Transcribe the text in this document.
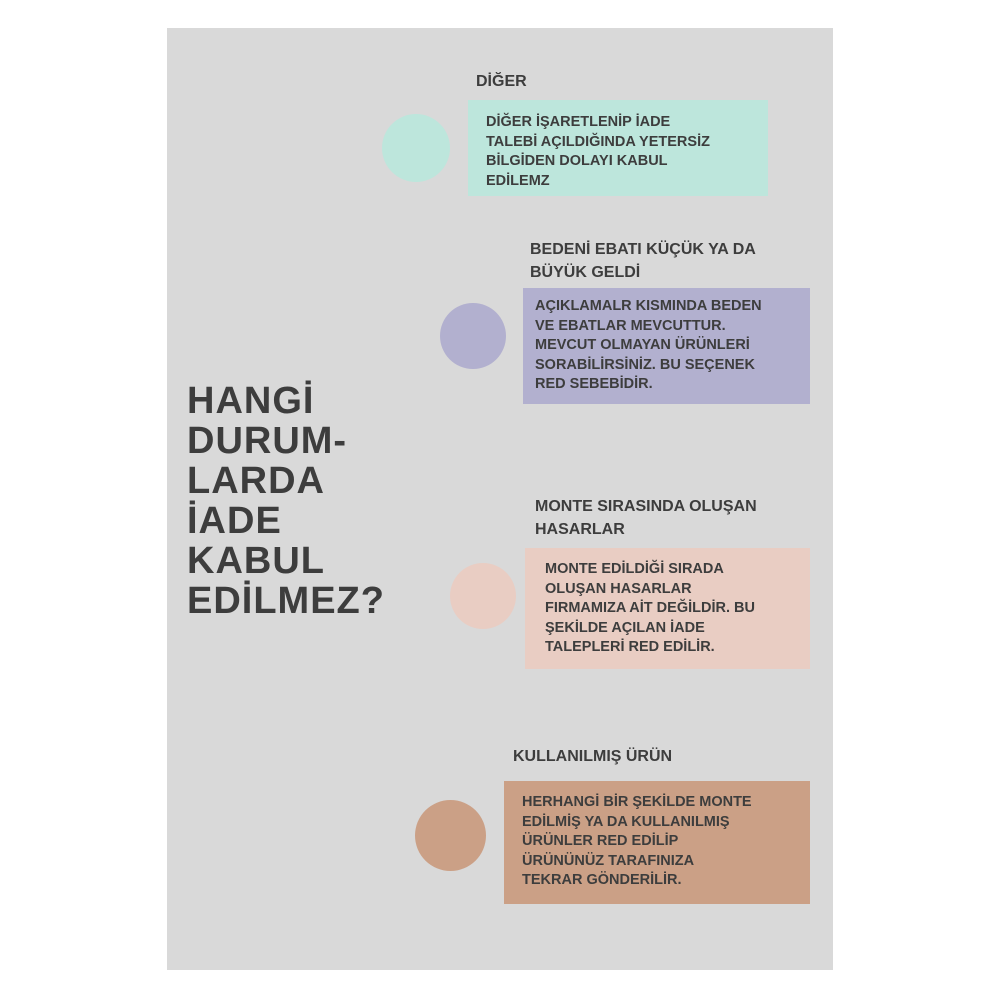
HANGİ
DURUM-
LARDA
İADE
KABUL
EDİLMEZ?
DİĞER
DİĞER İŞARETLENİP İADE
TALEBİ AÇILDIĞINDA YETERSİZ
BİLGİDEN DOLAYI KABUL
EDİLEMZ
BEDENİ EBATI KÜÇÜK YA DA
BÜYÜK GELDİ
AÇIKLAMALR KISMINDA BEDEN
VE EBATLAR MEVCUTTUR.
MEVCUT OLMAYAN ÜRÜNLERİ
SORABİLİRSİNİZ. BU SEÇENEK
RED SEBEBİDİR.
MONTE SIRASINDA OLUŞAN
HASARLAR
MONTE EDİLDİĞİ SIRADA
OLUŞAN HASARLAR
FIRMAMIZA AİT DEĞİLDİR. BU
ŞEKİLDE AÇILAN İADE
TALEPLERİ RED EDİLİR.
KULLANILMIŞ ÜRÜN
HERHANGİ BİR ŞEKİLDE MONTE
EDİLMİŞ YA DA KULLANILMIŞ
ÜRÜNLER RED EDİLİP
ÜRÜNÜNÜZ TARAFINIZA
TEKRAR GÖNDERİLİR.
